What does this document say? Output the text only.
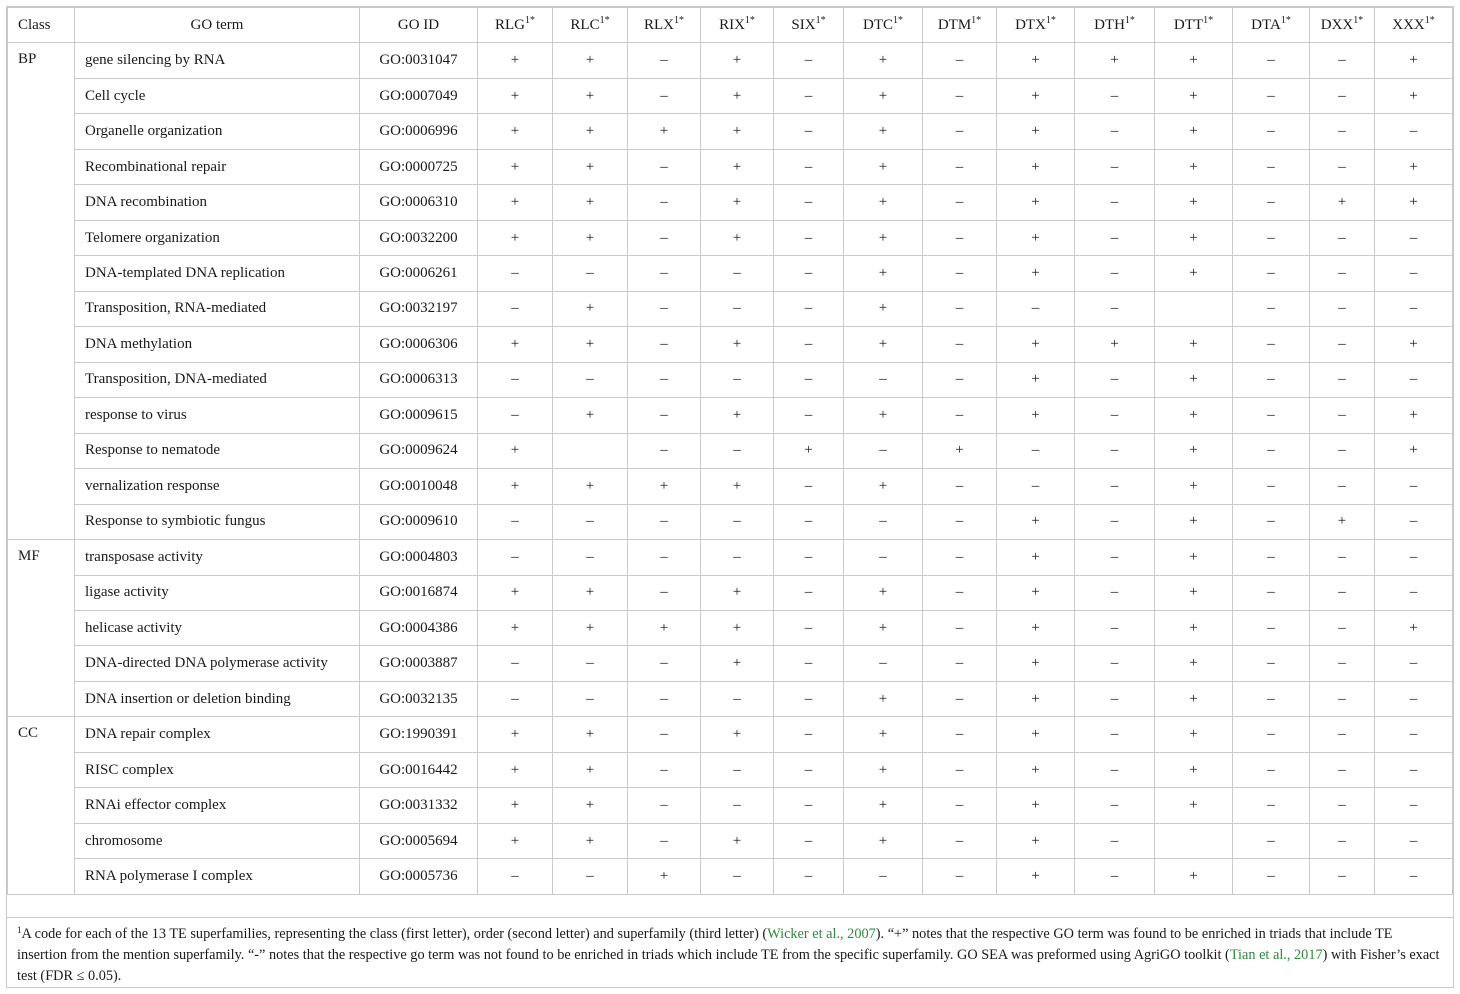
Class	GO term	GO ID	$RLG^{1*}$	$RLC^{1*}$	$RLX^{1*}$	$RIX^{1*}$	$SIX^{1*}$	$DTC^{1*}$	$DTM^{1*}$	$DTX^{1*}$	$DTH^{1*}$	$DTT^{1*}$	$DTA^{1*}$	$DXX^{1*}$	$XXX^{1*}$
BP	gene silencing by RNA	GO:0031047	+	+	–	+	–	+	–	+	+	+	–	–	+
	Cell cycle	GO:0007049	+	+	–	+	–	+	–	+	–	+	–	–	+
	Organelle organization	GO:0006996	+	+	+	+	–	+	–	+	–	+	–	–	–
	Recombinational repair	GO:0000725	+	+	–	+	–	+	–	+	–	+	–	–	+
	DNA recombination	GO:0006310	+	+	–	+	–	+	–	+	–	+	–	+	+
	Telomere organization	GO:0032200	+	+	–	+	–	+	–	+	–	+	–	–	–
	DNA-templated DNA replication	GO:0006261	–	–	–	–	–	+	–	+	–	+	–	–	–
	Transposition, RNA-mediated	GO:0032197	–	+	–	–	–	+	–	–	–		–	–	–
	DNA methylation	GO:0006306	+	+	–	+	–	+	–	+	+	+	–	–	+
	Transposition, DNA-mediated	GO:0006313	–	–	–	–	–	–	–	+	–	+	–	–	–
	response to virus	GO:0009615	–	+	–	+	–	+	–	+	–	+	–	–	+
	Response to nematode	GO:0009624	+		–	–	+	–	+	–	–	+	–	–	+
	vernalization response	GO:0010048	+	+	+	+	–	+	–	–	–	+	–	–	–
	Response to symbiotic fungus	GO:0009610	–	–	–	–	–	–	–	+	–	+	–	+	–
MF	transposase activity	GO:0004803	–	–	–	–	–	–	–	+	–	+	–	–	–
	ligase activity	GO:0016874	+	+	–	+	–	+	–	+	–	+	–	–	–
	helicase activity	GO:0004386	+	+	+	+	–	+	–	+	–	+	–	–	+
	DNA-directed DNA polymerase activity	GO:0003887	–	–	–	+	–	–	–	+	–	+	–	–	–
	DNA insertion or deletion binding	GO:0032135	–	–	–	–	–	+	–	+	–	+	–	–	–
CC	DNA repair complex	GO:1990391	+	+	–	+	–	+	–	+	–	+	–	–	–
	RISC complex	GO:0016442	+	+	–	–	–	+	–	+	–	+	–	–	–
	RNAi effector complex	GO:0031332	+	+	–	–	–	+	–	+	–	+	–	–	–
	chromosome	GO:0005694	+	+	–	+	–	+	–	+	–		–	–	–
	RNA polymerase I complex	GO:0005736	–	–	+	–	–	–	–	+	–	+	–	–	–
$^1$A code for each of the 13 TE superfamilies, representing the class (first letter), order (second letter) and superfamily (third letter) (Wicker et al., 2007). “+” notes that the respective GO term was found to be enriched in triads that include TE insertion from the mention superfamily. “-” notes that the respective go term was not found to be enriched in triads which include TE from the specific superfamily. GO SEA was preformed using AgriGO toolkit (Tian et al., 2017) with Fisher’s exact test (FDR ≤ 0.05).
